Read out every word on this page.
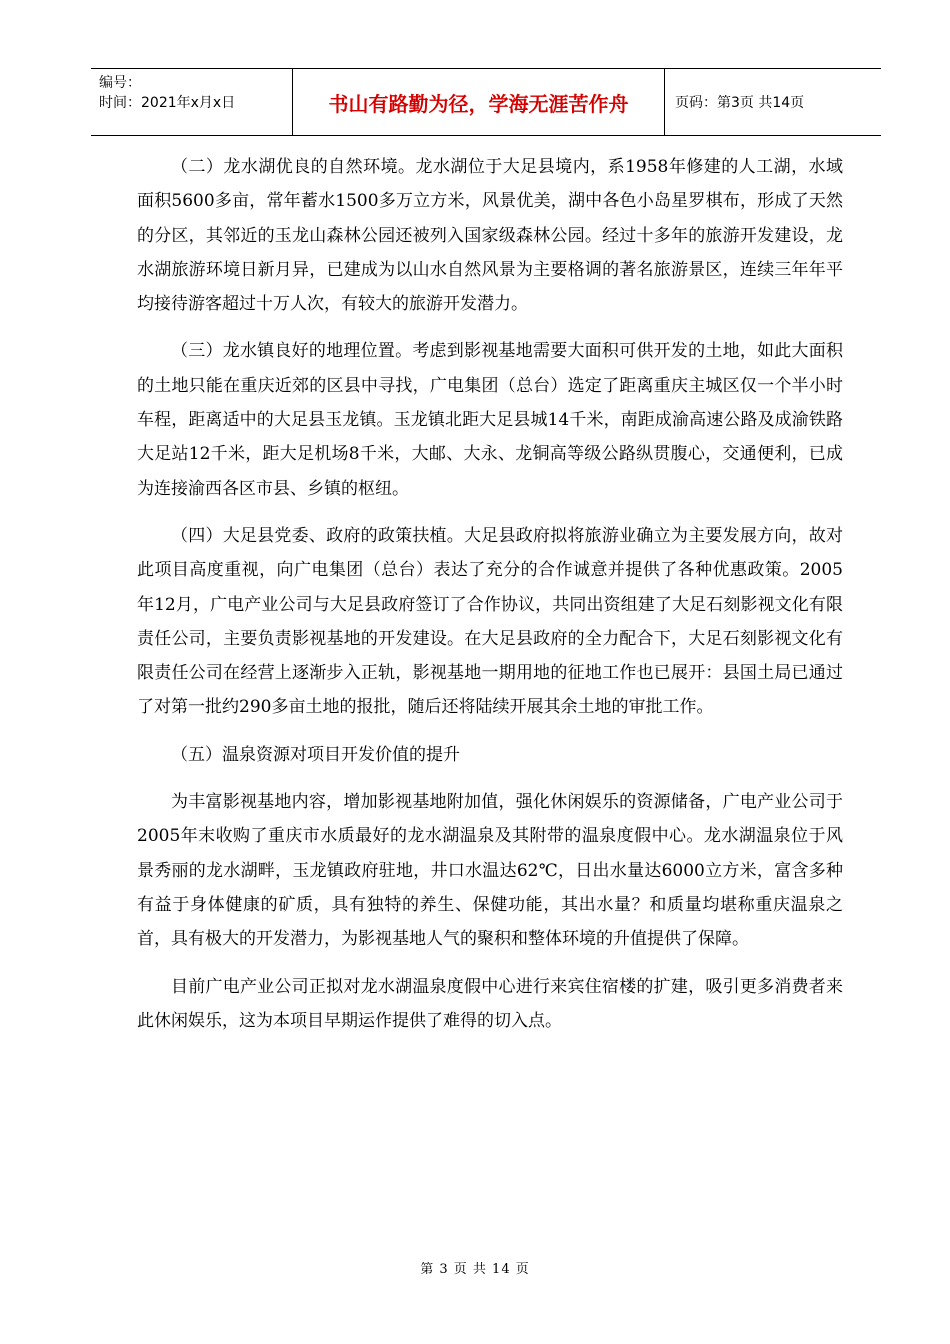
编号：
时间：2021年x月x日	书山有路勤为径，学海无涯苦作舟	页码：第3页 共14页

（二）龙水湖优良的自然环境。龙水湖位于大足县境内，系1958年修建的人工湖，水域面积5600多亩，常年蓄水1500多万立方米，风景优美，湖中各色小岛星罗棋布，形成了天然的分区，其邻近的玉龙山森林公园还被列入国家级森林公园。经过十多年的旅游开发建设，龙水湖旅游环境日新月异，已建成为以山水自然风景为主要格调的著名旅游景区，连续三年年平均接待游客超过十万人次，有较大的旅游开发潜力。

（三）龙水镇良好的地理位置。考虑到影视基地需要大面积可供开发的土地，如此大面积的土地只能在重庆近郊的区县中寻找，广电集团（总台）选定了距离重庆主城区仅一个半小时车程，距离适中的大足县玉龙镇。玉龙镇北距大足县城14千米，南距成渝高速公路及成渝铁路大足站12千米，距大足机场8千米，大邮、大永、龙铜高等级公路纵贯腹心，交通便利，已成为连接渝西各区市县、乡镇的枢纽。

（四）大足县党委、政府的政策扶植。大足县政府拟将旅游业确立为主要发展方向，故对此项目高度重视，向广电集团（总台）表达了充分的合作诚意并提供了各种优惠政策。2005年12月，广电产业公司与大足县政府签订了合作协议，共同出资组建了大足石刻影视文化有限责任公司，主要负责影视基地的开发建设。在大足县政府的全力配合下，大足石刻影视文化有限责任公司在经营上逐渐步入正轨，影视基地一期用地的征地工作也已展开：县国土局已通过了对第一批约290多亩土地的报批，随后还将陆续开展其余土地的审批工作。

（五）温泉资源对项目开发价值的提升

为丰富影视基地内容，增加影视基地附加值，强化休闲娱乐的资源储备，广电产业公司于2005年末收购了重庆市水质最好的龙水湖温泉及其附带的温泉度假中心。龙水湖温泉位于风景秀丽的龙水湖畔，玉龙镇政府驻地，井口水温达62℃，日出水量达6000立方米，富含多种有益于身体健康的矿质，具有独特的养生、保健功能，其出水量？和质量均堪称重庆温泉之首，具有极大的开发潜力，为影视基地人气的聚积和整体环境的升值提供了保障。

目前广电产业公司正拟对龙水湖温泉度假中心进行来宾住宿楼的扩建，吸引更多消费者来此休闲娱乐，这为本项目早期运作提供了难得的切入点。

第 3 页 共 14 页
